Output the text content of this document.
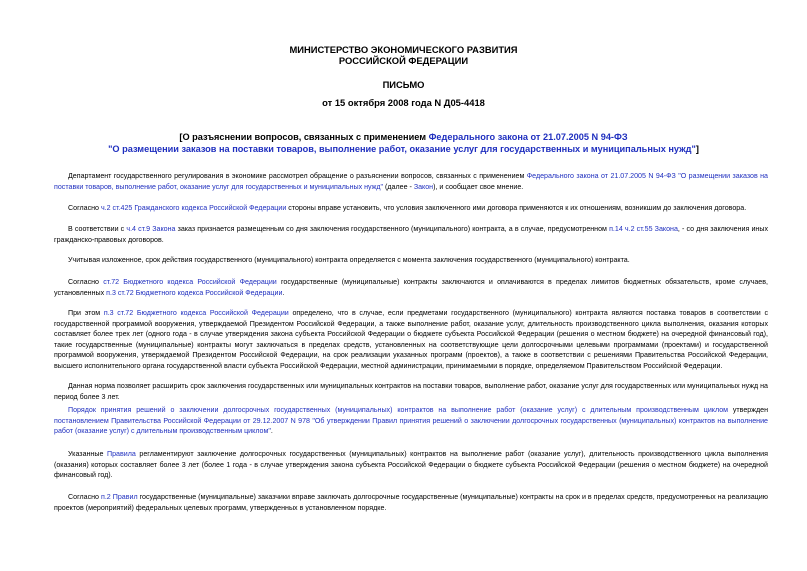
МИНИСТЕРСТВО ЭКОНОМИЧЕСКОГО РАЗВИТИЯ
РОССИЙСКОЙ ФЕДЕРАЦИИ
ПИСЬМО
от 15 октября 2008 года N Д05-4418
[О разъяснении вопросов, связанных с применением Федерального закона от 21.07.2005 N 94-ФЗ
"О размещении заказов на поставки товаров, выполнение работ, оказание услуг для государственных и муниципальных нужд"]
Департамент государственного регулирования в экономике рассмотрел обращение о разъяснении вопросов, связанных с применением Федерального закона от 21.07.2005 N 94-ФЗ "О размещении заказов на поставки товаров, выполнение работ, оказание услуг для государственных и муниципальных нужд" (далее - Закон), и сообщает свое мнение.
Согласно ч.2 ст.425 Гражданского кодекса Российской Федерации стороны вправе установить, что условия заключенного ими договора применяются к их отношениям, возникшим до заключения договора.
В соответствии с ч.4 ст.9 Закона заказ признается размещенным со дня заключения государственного (муниципального) контракта, а в случае, предусмотренном п.14 ч.2 ст.55 Закона, - со дня заключения иных гражданско-правовых договоров.
Учитывая изложенное, срок действия государственного (муниципального) контракта определяется с момента заключения государственного (муниципального) контракта.
Согласно ст.72 Бюджетного кодекса Российской Федерации государственные (муниципальные) контракты заключаются и оплачиваются в пределах лимитов бюджетных обязательств, кроме случаев, установленных п.3 ст.72 Бюджетного кодекса Российской Федерации.
При этом п.3 ст.72 Бюджетного кодекса Российской Федерации определено, что в случае, если предметами государственного (муниципального) контракта являются поставка товаров в соответствии с государственной программой вооружения, утверждаемой Президентом Российской Федерации, а также выполнение работ, оказание услуг, длительность производственного цикла выполнения, оказания которых составляет более трех лет (одного года - в случае утверждения закона субъекта Российской Федерации о бюджете субъекта Российской Федерации (решения о местном бюджете) на очередной финансовый год), такие государственные (муниципальные) контракты могут заключаться в пределах средств, установленных на соответствующие цели долгосрочными целевыми программами (проектами) и государственной программой вооружения, утверждаемой Президентом Российской Федерации, на срок реализации указанных программ (проектов), а также в соответствии с решениями Правительства Российской Федерации, высшего исполнительного органа государственной власти субъекта Российской Федерации, местной администрации, принимаемыми в порядке, определяемом Правительством Российской Федерации.
Данная норма позволяет расширить срок заключения государственных или муниципальных контрактов на поставки товаров, выполнение работ, оказание услуг для государственных или муниципальных нужд на период более 3 лет.
Порядок принятия решений о заключении долгосрочных государственных (муниципальных) контрактов на выполнение работ (оказание услуг) с длительным производственным циклом утвержден постановлением Правительства Российской Федерации от 29.12.2007 N 978 "Об утверждении Правил принятия решений о заключении долгосрочных государственных (муниципальных) контрактов на выполнение работ (оказание услуг) с длительным производственным циклом".
Указанные Правила регламентируют заключение долгосрочных государственных (муниципальных) контрактов на выполнение работ (оказание услуг), длительность производственного цикла выполнения (оказания) которых составляет более 3 лет (более 1 года - в случае утверждения закона субъекта Российской Федерации о бюджете субъекта Российской Федерации (решения о местном бюджете) на очередной финансовый год).
Согласно п.2 Правил государственные (муниципальные) заказчики вправе заключать долгосрочные государственные (муниципальные) контракты на срок и в пределах средств, предусмотренных на реализацию проектов (мероприятий) федеральных целевых программ, утвержденных в установленном порядке.
